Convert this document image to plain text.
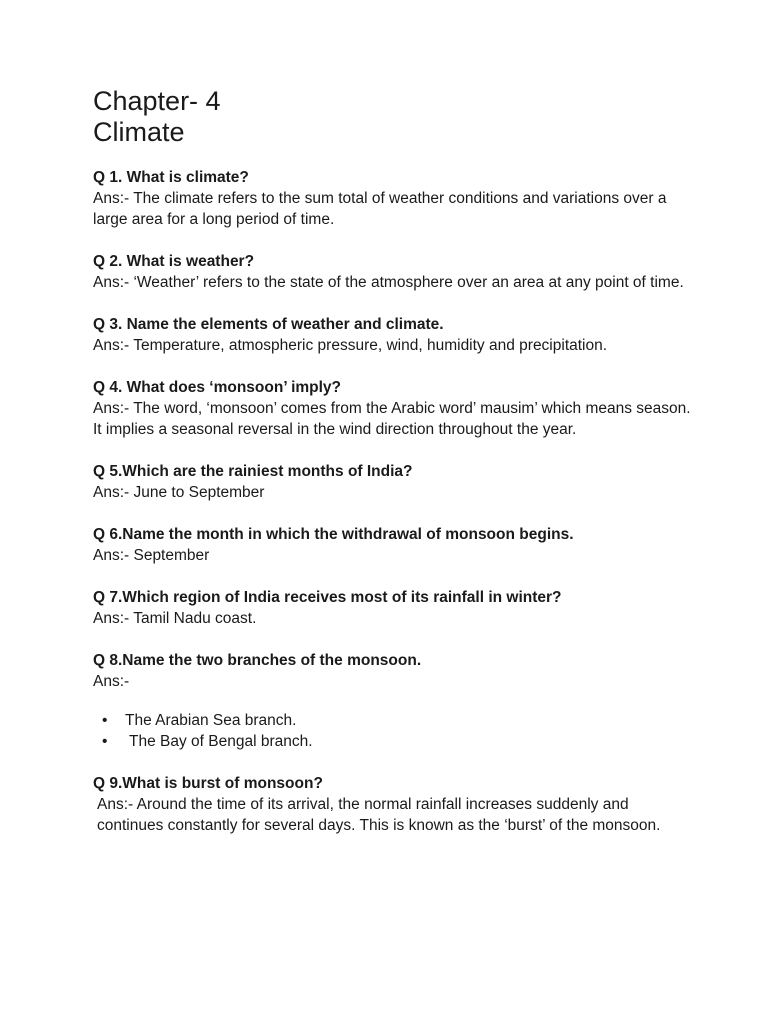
Chapter- 4

Climate

Q 1. What is climate?

Ans:- The climate refers to the sum total of weather conditions and variations over a large area for a long period of time.

Q 2. What is weather?

Ans:- ‘Weather’ refers to the state of the atmosphere over an area at any point of time.

Q 3. Name the elements of weather and climate.

Ans:- Temperature, atmospheric pressure, wind, humidity and precipitation.

Q 4. What does ‘monsoon’ imply?

Ans:- The word, ‘monsoon’ comes from the Arabic word’ mausim’ which means season. It implies a seasonal reversal in the wind direction throughout the year.

Q 5.Which are the rainiest months of India?

Ans:- June to September

Q 6.Name the month in which the withdrawal of monsoon begins.

Ans:- September

Q 7.Which region of India receives most of its rainfall in winter?

Ans:- Tamil Nadu coast.

Q 8.Name the two branches of the monsoon.

Ans:-

• The Arabian Sea branch.
• The Bay of Bengal branch.

Q 9.What is burst of monsoon?

Ans:- Around the time of its arrival, the normal rainfall increases suddenly and continues constantly for several days. This is known as the ‘burst’ of the monsoon.
